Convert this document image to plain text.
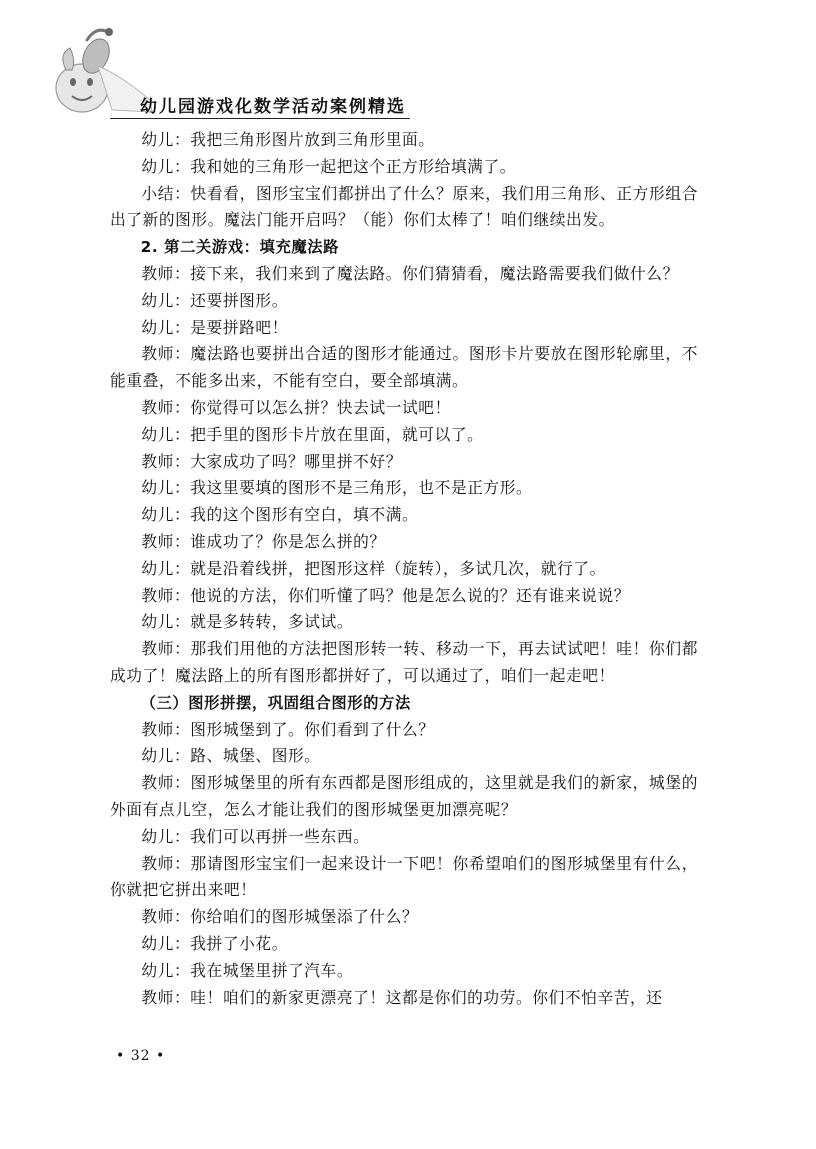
幼儿园游戏化数学活动案例精选

幼儿：我把三角形图片放到三角形里面。

幼儿：我和她的三角形一起把这个正方形给填满了。

小结：快看看，图形宝宝们都拼出了什么？原来，我们用三角形、正方形组合出了新的图形。魔法门能开启吗？（能）你们太棒了！咱们继续出发。

2. 第二关游戏：填充魔法路

教师：接下来，我们来到了魔法路。你们猜猜看，魔法路需要我们做什么？

幼儿：还要拼图形。

幼儿：是要拼路吧！

教师：魔法路也要拼出合适的图形才能通过。图形卡片要放在图形轮廓里，不能重叠，不能多出来，不能有空白，要全部填满。

教师：你觉得可以怎么拼？快去试一试吧！

幼儿：把手里的图形卡片放在里面，就可以了。

教师：大家成功了吗？哪里拼不好？

幼儿：我这里要填的图形不是三角形，也不是正方形。

幼儿：我的这个图形有空白，填不满。

教师：谁成功了？你是怎么拼的？

幼儿：就是沿着线拼，把图形这样（旋转），多试几次，就行了。

教师：他说的方法，你们听懂了吗？他是怎么说的？还有谁来说说？

幼儿：就是多转转，多试试。

教师：那我们用他的方法把图形转一转、移动一下，再去试试吧！哇！你们都成功了！魔法路上的所有图形都拼好了，可以通过了，咱们一起走吧！

（三）图形拼摆，巩固组合图形的方法

教师：图形城堡到了。你们看到了什么？

幼儿：路、城堡、图形。

教师：图形城堡里的所有东西都是图形组成的，这里就是我们的新家，城堡的外面有点儿空，怎么才能让我们的图形城堡更加漂亮呢？

幼儿：我们可以再拼一些东西。

教师：那请图形宝宝们一起来设计一下吧！你希望咱们的图形城堡里有什么，你就把它拼出来吧！

教师：你给咱们的图形城堡添了什么？

幼儿：我拼了小花。

幼儿：我在城堡里拼了汽车。

教师：哇！咱们的新家更漂亮了！这都是你们的功劳。你们不怕辛苦，还

• 32 •
